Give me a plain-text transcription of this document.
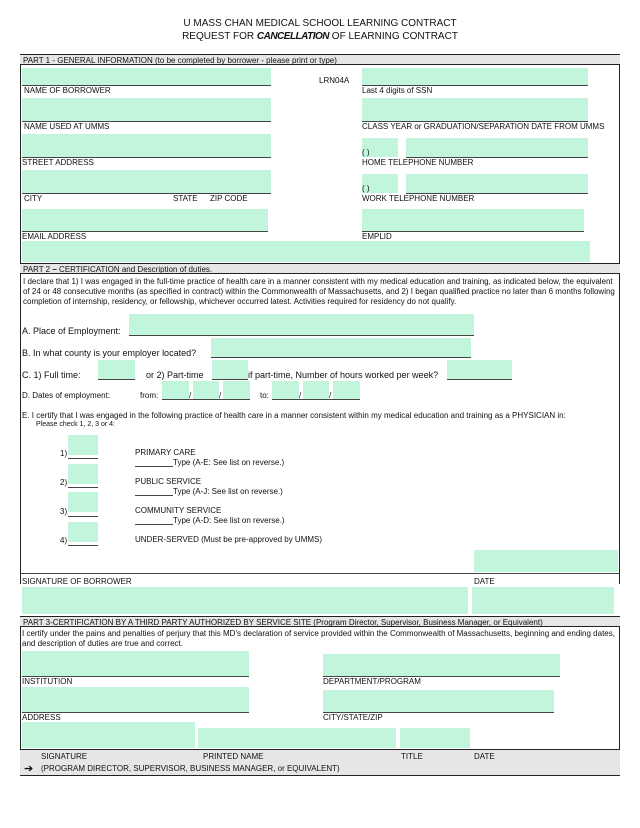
U MASS CHAN MEDICAL SCHOOL LEARNING CONTRACT
REQUEST FOR CANCELLATION OF LEARNING CONTRACT
PART 1 - GENERAL INFORMATION (to be completed by borrower - please print or type)
LRN04A
NAME OF BORROWER	Last 4 digits of SSN
NAME USED AT UMMS	CLASS YEAR or GRADUATION/SEPARATION DATE FROM UMMS
( )
STREET ADDRESS	HOME TELEPHONE NUMBER
( )
CITY	STATE ZIP CODE	WORK TELEPHONE NUMBER
EMAIL ADDRESS	EMPLID
PART 2 – CERTIFICATION and Description of duties.
I declare that 1) I was engaged in the full-time practice of health care in a manner consistent with my medical education and training, as indicated below, the equivalent of 24 or 48 consecutive months (as specified in contract) within the Commonwealth of Massachusetts, and 2) I began qualified practice no later than 6 months following completion of internship, residency, or fellowship, whichever occurred latest. Activities required for residency do not qualify.
A. Place of Employment:
B. In what county is your employer located?
C. 1) Full time:	or 2) Part-time	if part-time, Number of hours worked per week?
D. Dates of employment:	from:	/	/	to:	/	/
E. I certify that I was engaged in the following practice of health care in a manner consistent within my medical education and training as a PHYSICIAN in:
Please check 1, 2, 3 or 4:
1)	PRIMARY CARE
Type (A-E: See list on reverse.)
2)	PUBLIC SERVICE
Type (A-J: See list on reverse.)
3)	COMMUNITY SERVICE
Type (A-D: See list on reverse.)
4)	UNDER-SERVED (Must be pre-approved by UMMS)
SIGNATURE OF BORROWER	DATE
PART 3-CERTIFICATION BY A THIRD PARTY AUTHORIZED BY SERVICE SITE (Program Director, Supervisor, Business Manager, or Equivalent)
I certify under the pains and penalties of perjury that this MD's declaration of service provided within the Commonwealth of Massachusetts, beginning and ending dates, and description of duties are true and correct.
INSTITUTION	DEPARTMENT/PROGRAM
ADDRESS	CITY/STATE/ZIP
SIGNATURE	PRINTED NAME	TITLE	DATE
➔ (PROGRAM DIRECTOR, SUPERVISOR, BUSINESS MANAGER, or EQUIVALENT)
